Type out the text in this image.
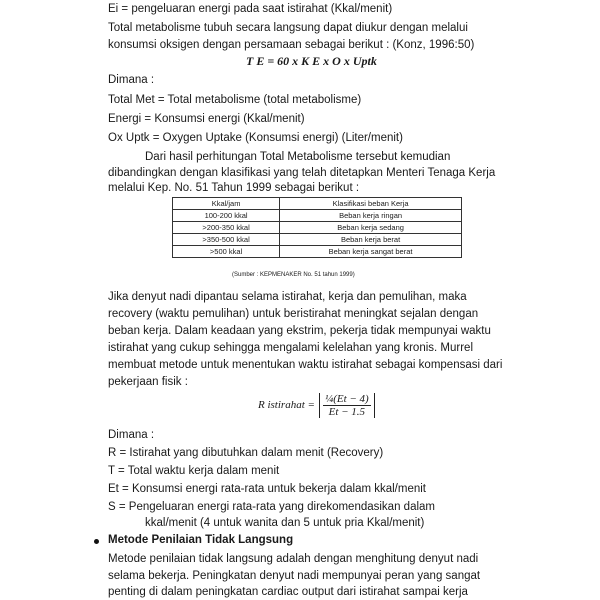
Ei = pengeluaran energi pada saat istirahat (Kkal/menit)
Total metabolisme tubuh secara langsung dapat diukur dengan melalui
konsumsi oksigen dengan persamaan sebagai berikut : (Konz, 1996:50)
T E = 60 x K E x O x Uptk
Dimana :
Total Met = Total metabolisme (total metabolisme)
Energi = Konsumsi energi (Kkal/menit)
Ox Uptk = Oxygen Uptake (Konsumsi energi) (Liter/menit)
Dari hasil perhitungan Total Metabolisme tersebut kemudian
dibandingkan dengan klasifikasi yang telah ditetapkan Menteri Tenaga Kerja
melalui Kep. No. 51 Tahun 1999 sebagai berikut :
Kkal/jam	Klasifikasi beban Kerja
100-200 kkal	Beban kerja ringan
>200-350 kkal	Beban kerja sedang
>350-500 kkal	Beban kerja berat
>500 kkal	Beban kerja sangat berat
(Sumber : KEPMENAKER No. 51 tahun 1999)
Jika denyut nadi dipantau selama istirahat, kerja dan pemulihan, maka
recovery (waktu pemulihan) untuk beristirahat meningkat sejalan dengan
beban kerja. Dalam keadaan yang ekstrim, pekerja tidak mempunyai waktu
istirahat yang cukup sehingga mengalami kelelahan yang kronis. Murrel
membuat metode untuk menentukan waktu istirahat sebagai kompensasi dari
pekerjaan fisik :
R istirahat = $\frac{\text{¼(Et − 4)}}{Et - 1.5}$
Dimana :
R = Istirahat yang dibutuhkan dalam menit (Recovery)
T = Total waktu kerja dalam menit
Et = Konsumsi energi rata-rata untuk bekerja dalam kkal/menit
S = Pengeluaran energi rata-rata yang direkomendasikan dalam
kkal/menit (4 untuk wanita dan 5 untuk pria Kkal/menit)
Metode Penilaian Tidak Langsung
Metode penilaian tidak langsung adalah dengan menghitung denyut nadi
selama bekerja. Peningkatan denyut nadi mempunyai peran yang sangat
penting di dalam peningkatan cardiac output dari istirahat sampai kerja
